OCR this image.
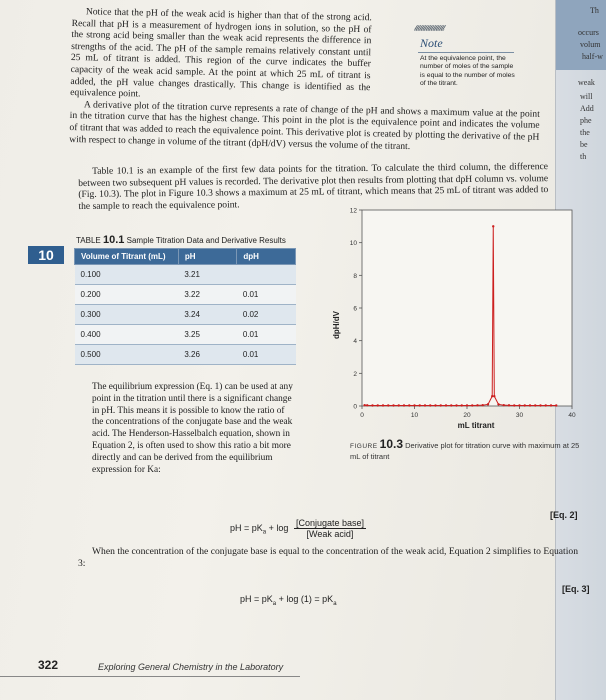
Th
occurs
volum
half-w
weak
will
Add
phe
the
be
th

Notice that the pH of the weak acid is higher than that of the strong acid. Recall that pH is a measurement of hydrogen ions in solution, so the pH of the strong acid being smaller than the weak acid represents the difference in strengths of the acid. The pH of the sample remains relatively constant until 25 mL of titrant is added. This region of the curve indicates the buffer capacity of the weak acid sample. At the point at which 25 mL of titrant is added, the pH value changes drastically. This change is identified as the equivalence point.

A derivative plot of the titration curve represents a rate of change of the pH and shows a maximum value at the point in the titration curve that has the highest change. This point in the plot is the equivalence point and indicates the volume of titrant that was added to reach the equivalence point. This derivative plot is created by plotting the derivative of the pH with respect to change in volume of the titrant (dpH/dV) versus the volume of the titrant.

Table 10.1 is an example of the first few data points for the titration. To calculate the third column, the difference between two subsequent pH values is recorded. The derivative plot then results from plotting that dpH column vs. volume (Fig. 10.3). The plot in Figure 10.3 shows a maximum at 25 mL of titrant, which means that 25 mL of titrant was added to the sample to reach the equivalence point.

𝓁𝓁𝓁𝓁𝓁𝓁𝓁𝓁𝓁𝓁𝓁𝓁𝓁𝓁𝓁𝓁𝓁𝓁
Note
At the equivalence point, the number of moles of the sample is equal to the number of moles of the titrant.
10
TABLE 10.1 Sample Titration Data and Derivative Results
Volume of Titrant (mL)	pH	dpH
0.100	3.21	
0.200	3.22	0.01
0.300	3.24	0.02
0.400	3.25	0.01
0.500	3.26	0.01
0
2
4
6
8
10
12
0	10	20	30	40
dpH/dV
mL titrant

The equilibrium expression (Eq. 1) can be used at any point in the titration until there is a significant change in pH. This means it is possible to know the ratio of the concentrations of the conjugate base and the weak acid. The Henderson-Hasselbalch equation, shown in Equation 2, is often used to show this ratio a bit more directly and can be derived from the equilibrium expression for Ka:

FIGURE 10.3 Derivative plot for titration curve with maximum at 25 mL of titrant
pH = $pK_a + \log$ [Conjugate base]
[Weak acid]
[Eq. 2]

When the concentration of the conjugate base is equal to the concentration of the weak acid, Equation 2 simplifies to Equation 3:

pH = $pK_a + \log (1) = pK_a$
[Eq. 3]
322	Exploring General Chemistry in the Laboratory
